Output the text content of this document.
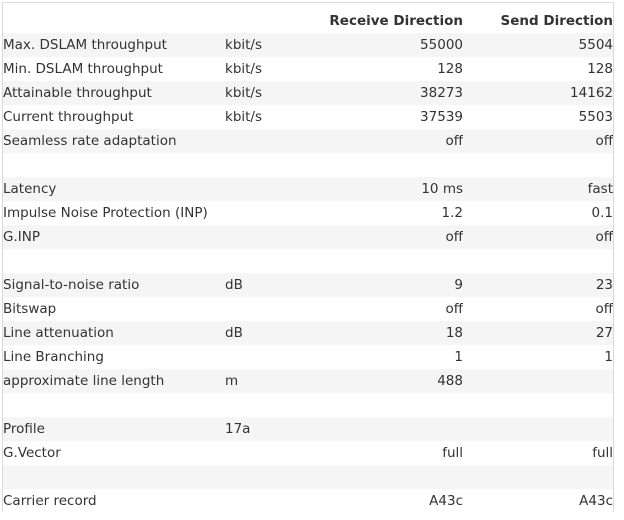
		Receive Direction	Send Direction
Max. DSLAM throughput	kbit/s	55000	5504
Min. DSLAM throughput	kbit/s	128	128
Attainable throughput	kbit/s	38273	14162
Current throughput	kbit/s	37539	5503
Seamless rate adaptation		off	off

Latency		10 ms	fast
Impulse Noise Protection (INP)		1.2	0.1
G.INP		off	off

Signal-to-noise ratio	dB	9	23
Bitswap		off	off
Line attenuation	dB	18	27
Line Branching		1	1
approximate line length	m	488	

Profile	17a		
G.Vector		full	full

Carrier record		A43c	A43c
